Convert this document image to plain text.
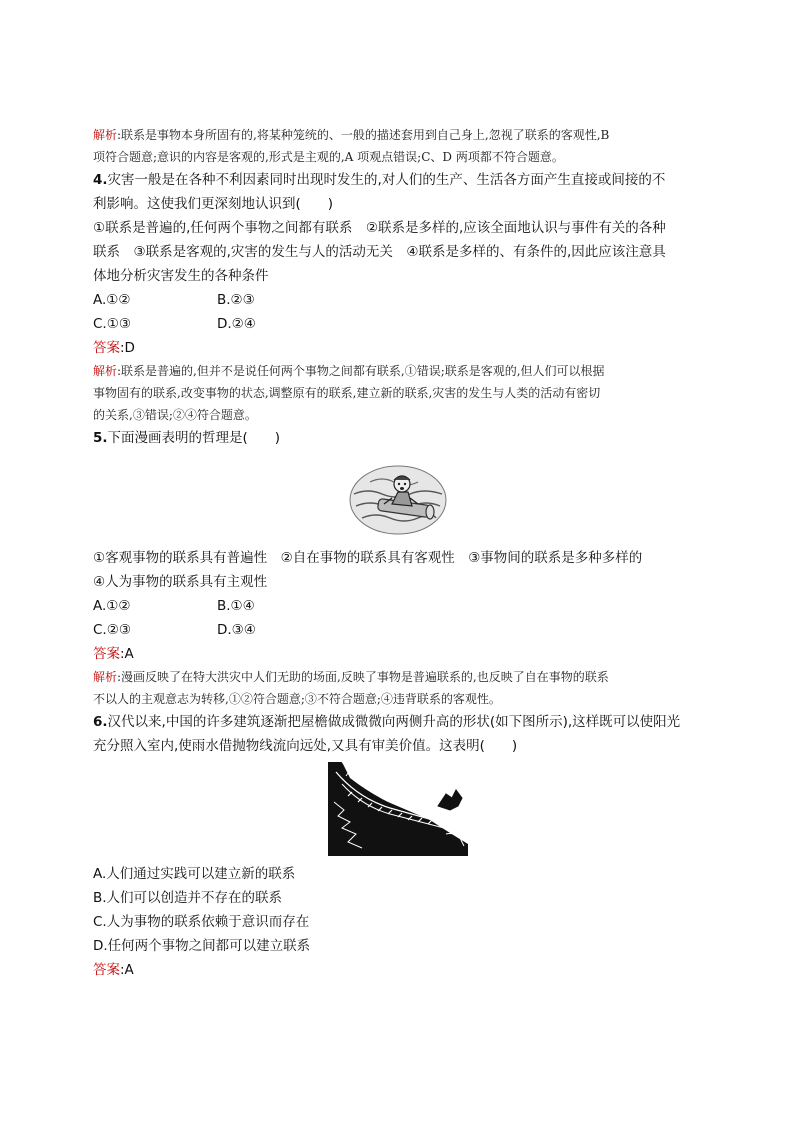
解析:联系是事物本身所固有的,将某种笼统的、一般的描述套用到自己身上,忽视了联系的客观性,B

项符合题意;意识的内容是客观的,形式是主观的,A 项观点错误;C、D 两项都不符合题意。

4.灾害一般是在各种不利因素同时出现时发生的,对人们的生产、生活各方面产生直接或间接的不

利影响。这使我们更深刻地认识到(　　)

①联系是普遍的,任何两个事物之间都有联系　②联系是多样的,应该全面地认识与事件有关的各种

联系　③联系是客观的,灾害的发生与人的活动无关　④联系是多样的、有条件的,因此应该注意具

体地分析灾害发生的各种条件

A.①②	B.②③
C.①③	D.②④

答案:D

解析:联系是普遍的,但并不是说任何两个事物之间都有联系,①错误;联系是客观的,但人们可以根据

事物固有的联系,改变事物的状态,调整原有的联系,建立新的联系,灾害的发生与人类的活动有密切

的关系,③错误;②④符合题意。

5.下面漫画表明的哲理是(　　)

①客观事物的联系具有普遍性　②自在事物的联系具有客观性　③事物间的联系是多种多样的

④人为事物的联系具有主观性

A.①②	B.①④
C.②③	D.③④

答案:A

解析:漫画反映了在特大洪灾中人们无助的场面,反映了事物是普遍联系的,也反映了自在事物的联系

不以人的主观意志为转移,①②符合题意;③不符合题意;④违背联系的客观性。

6.汉代以来,中国的许多建筑逐渐把屋檐做成微微向两侧升高的形状(如下图所示),这样既可以使阳光

充分照入室内,使雨水借抛物线流向远处,又具有审美价值。这表明(　　)

A.人们通过实践可以建立新的联系

B.人们可以创造并不存在的联系

C.人为事物的联系依赖于意识而存在

D.任何两个事物之间都可以建立联系

答案:A
